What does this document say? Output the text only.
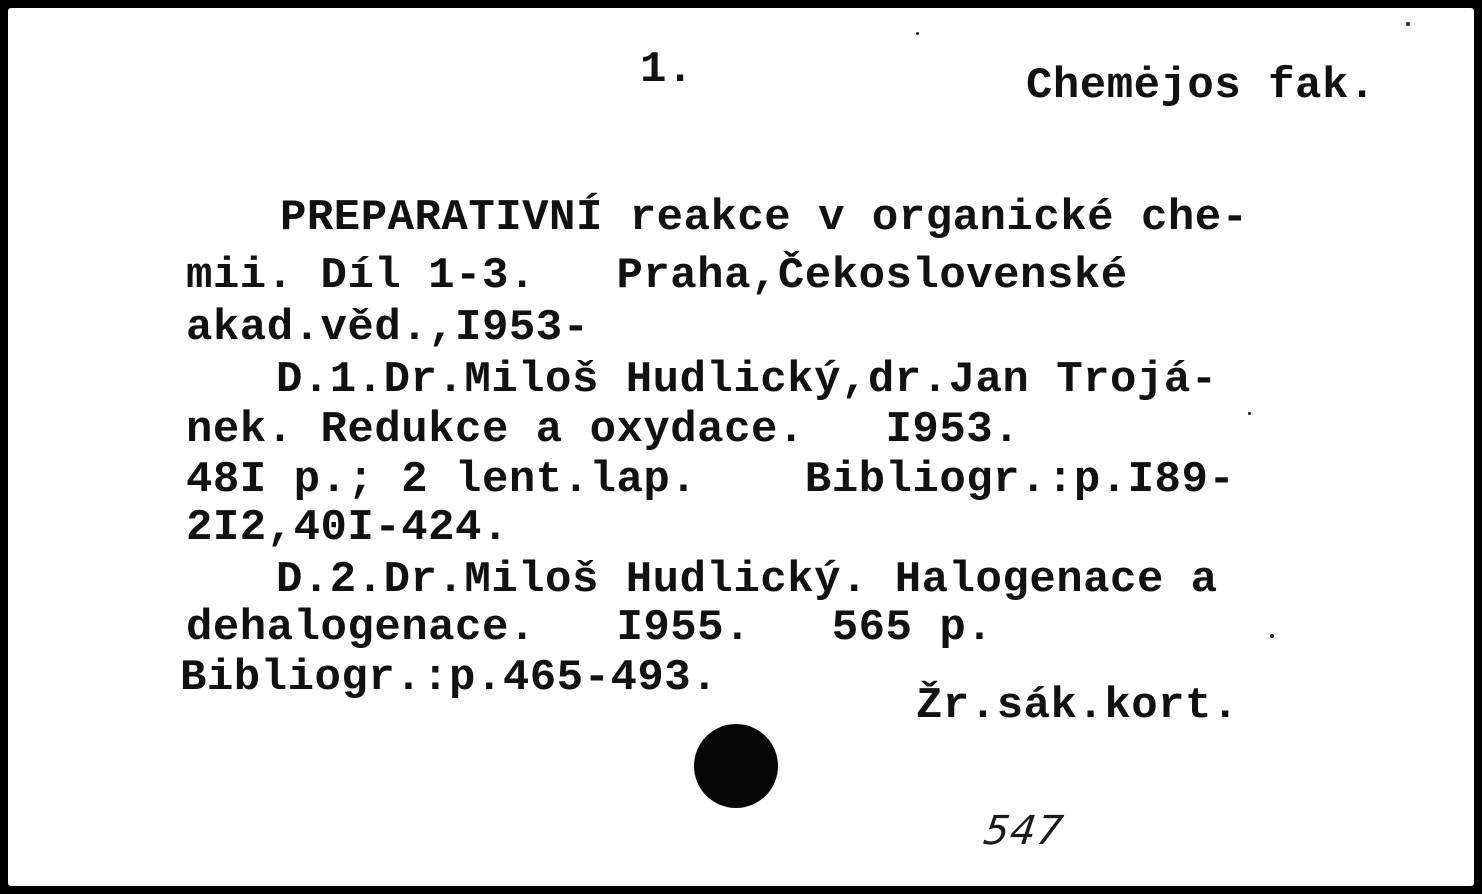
1.	Chemėjos fak.
PREPARATIVNÍ reakce v organické che-
mii. Díl 1-3.   Praha,Čekoslovenské
akad.věd.,I953-
D.1.Dr.Miloš Hudlický,dr.Jan Trojá-
nek. Redukce a oxydace.   I953.
48I p.; 2 lent.lap.    Bibliogr.:p.I89-
2I2,40I-424.
D.2.Dr.Miloš Hudlický. Halogenace a
dehalogenace.   I955.   565 p.
Bibliogr.:p.465-493.
Žr.sák.kort.
547
